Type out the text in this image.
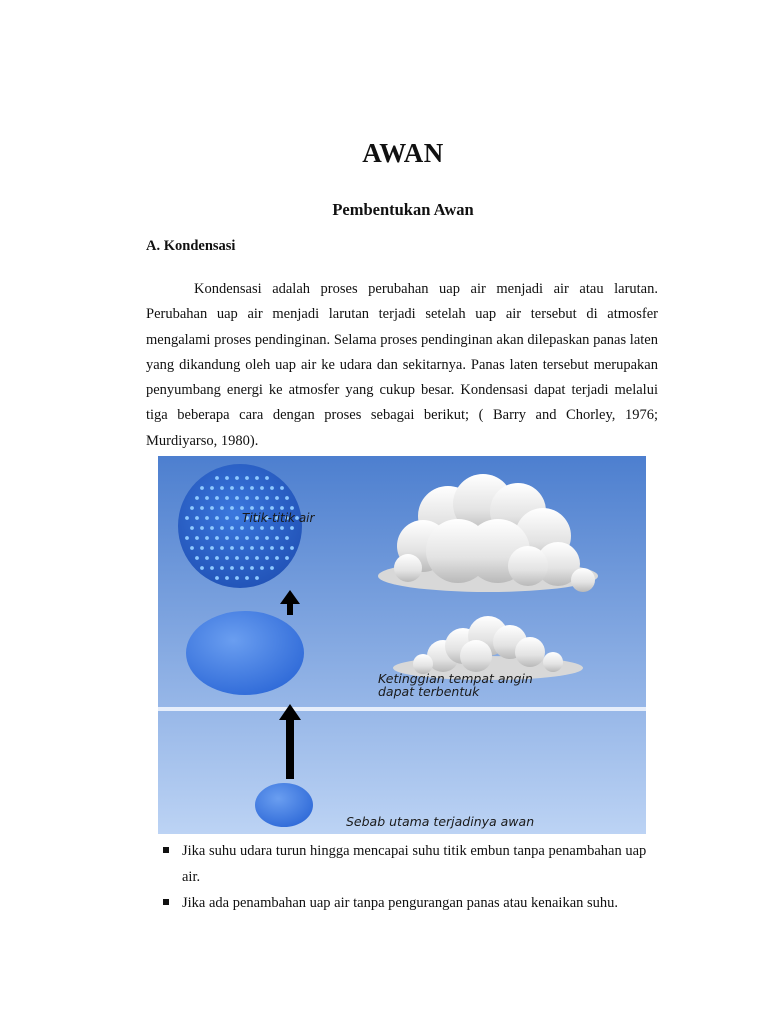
AWAN
Pembentukan Awan
A. Kondensasi

Kondensasi adalah proses perubahan uap air menjadi air atau larutan. Perubahan uap air menjadi larutan terjadi setelah uap air tersebut di atmosfer mengalami proses pendinginan. Selama proses pendinginan akan dilepaskan panas laten yang dikandung oleh uap air ke udara dan sekitarnya. Panas laten tersebut merupakan penyumbang energi ke atmosfer yang cukup besar. Kondensasi dapat terjadi melalui tiga beberapa cara dengan proses sebagai berikut; ( Barry and Chorley, 1976; Murdiyarso, 1980).

Titik-titik air
Ketinggian tempat angin
dapat terbentuk
Sebab utama terjadinya awan
Jika suhu udara turun hingga mencapai suhu titik embun tanpa penambahan uap air.
Jika ada penambahan uap air tanpa pengurangan panas atau kenaikan suhu.
